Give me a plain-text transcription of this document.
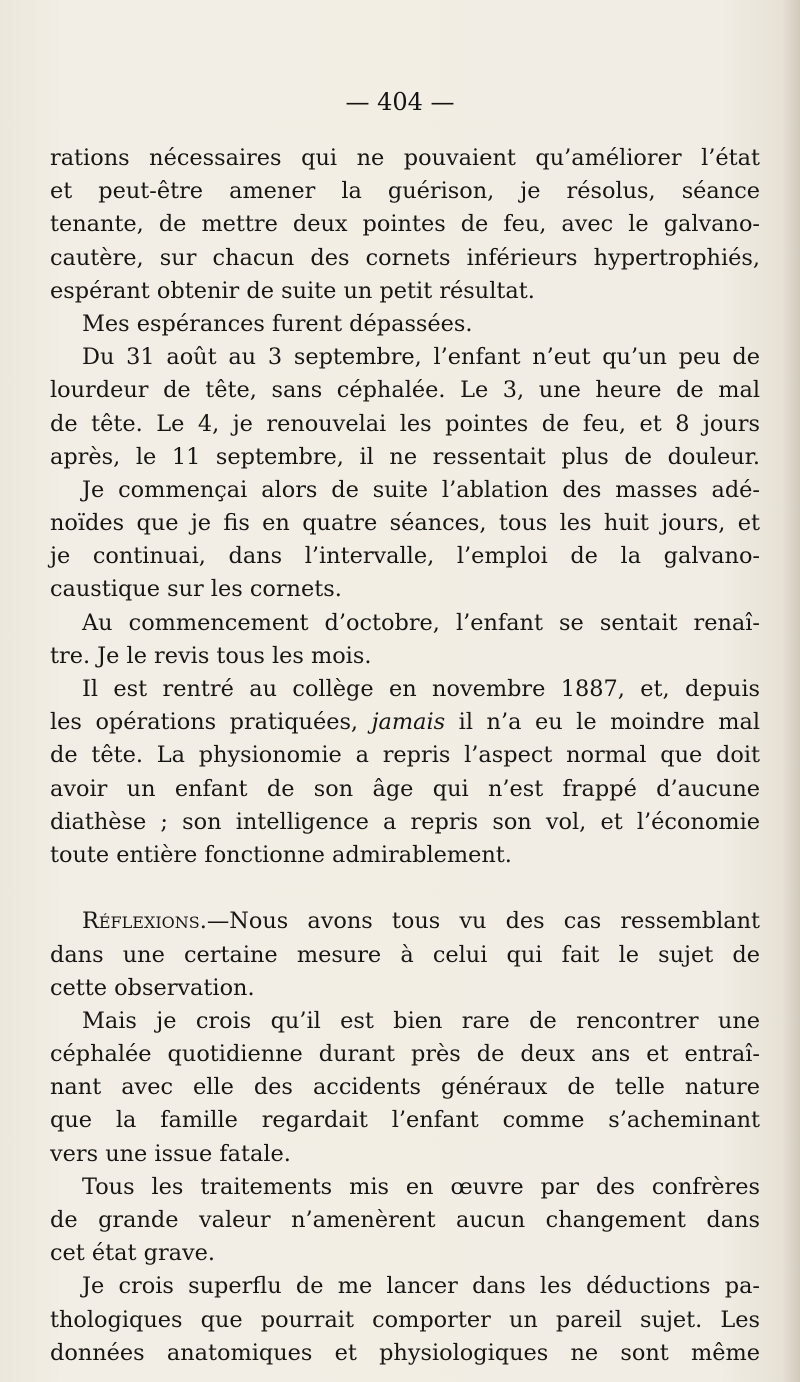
— 404 —
rations nécessaires qui ne pouvaient qu’améliorer l’état
et peut-être amener la guérison, je résolus, séance
tenante, de mettre deux pointes de feu, avec le galvano-
cautère, sur chacun des cornets inférieurs hypertrophiés,
espérant obtenir de suite un petit résultat.
Mes espérances furent dépassées.
Du 31 août au 3 septembre, l’enfant n’eut qu’un peu de
lourdeur de tête, sans céphalée. Le 3, une heure de mal
de tête. Le 4, je renouvelai les pointes de feu, et 8 jours
après, le 11 septembre, il ne ressentait plus de douleur.
Je commençai alors de suite l’ablation des masses adé-
noïdes que je fis en quatre séances, tous les huit jours, et
je continuai, dans l’intervalle, l’emploi de la galvano-
caustique sur les cornets.
Au commencement d’octobre, l’enfant se sentait renaî-
tre. Je le revis tous les mois.
Il est rentré au collège en novembre 1887, et, depuis
les opérations pratiquées, jamais il n’a eu le moindre mal
de tête. La physionomie a repris l’aspect normal que doit
avoir un enfant de son âge qui n’est frappé d’aucune
diathèse ; son intelligence a repris son vol, et l’économie
toute entière fonctionne admirablement.
Réflexions.—Nous avons tous vu des cas ressemblant
dans une certaine mesure à celui qui fait le sujet de
cette observation.
Mais je crois qu’il est bien rare de rencontrer une
céphalée quotidienne durant près de deux ans et entraî-
nant avec elle des accidents généraux de telle nature
que la famille regardait l’enfant comme s’acheminant
vers une issue fatale.
Tous les traitements mis en œuvre par des confrères
de grande valeur n’amenèrent aucun changement dans
cet état grave.
Je crois superflu de me lancer dans les déductions pa-
thologiques que pourrait comporter un pareil sujet. Les
données anatomiques et physiologiques ne sont même
